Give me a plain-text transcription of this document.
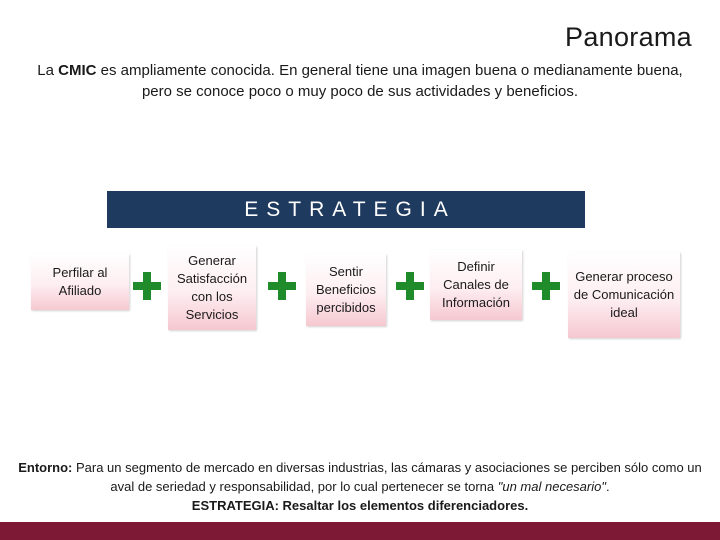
Panorama
La CMIC es ampliamente conocida. En general tiene una imagen buena o medianamente buena, pero se conoce poco o muy poco de sus actividades y beneficios.
ESTRATEGIA
Perfilar al Afiliado
Generar Satisfacción con los Servicios
Sentir Beneficios percibidos
Definir Canales de Información
Generar proceso de Comunicación ideal
Entorno: Para un segmento de mercado en diversas industrias, las cámaras y asociaciones se perciben sólo como un aval de seriedad y responsabilidad, por lo cual pertenecer se torna "un mal necesario".
ESTRATEGIA: Resaltar los elementos diferenciadores.
